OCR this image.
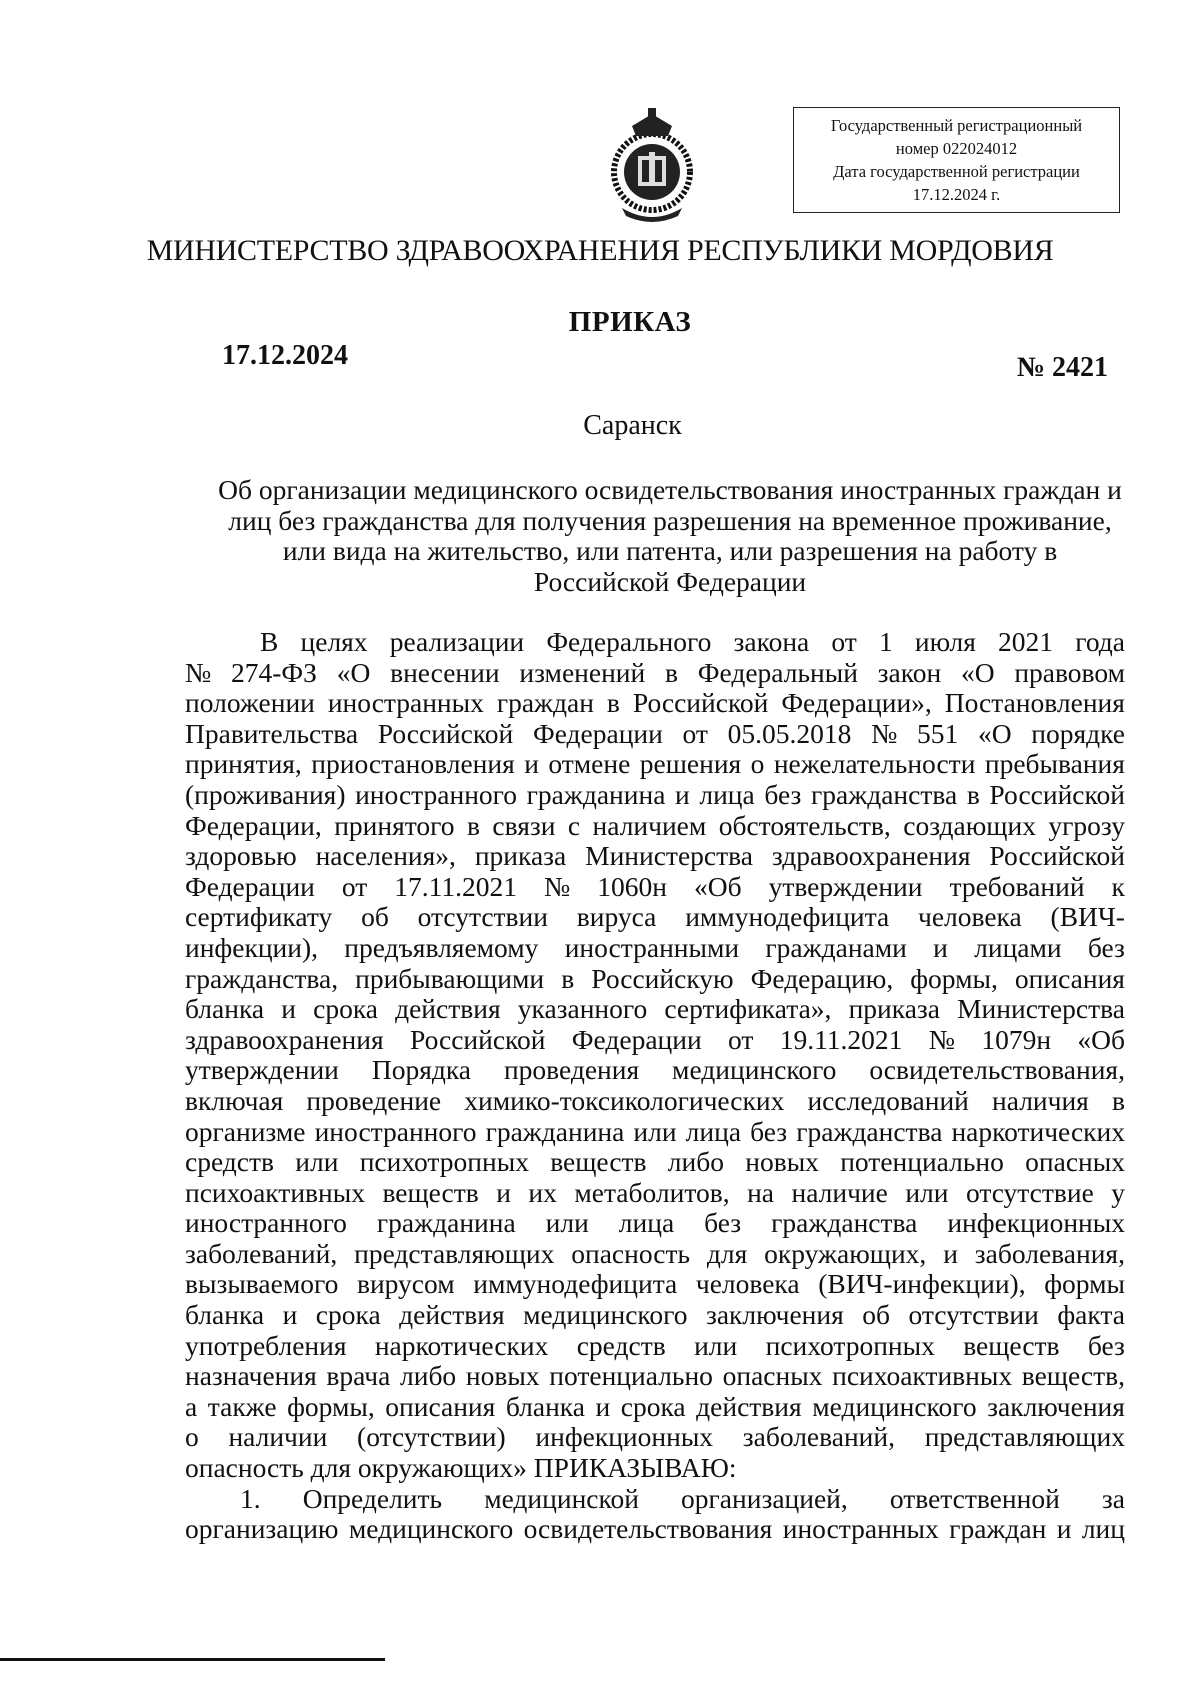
Государственный регистрационный
номер 022024012
Дата государственной регистрации
17.12.2024 г.
МИНИСТЕРСТВО ЗДРАВООХРАНЕНИЯ РЕСПУБЛИКИ МОРДОВИЯ
ПРИКАЗ
17.12.2024	№ 2421
Саранск
Об организации медицинского освидетельствования иностранных граждан и
лиц без гражданства для получения разрешения на временное проживание,
или вида на жительство, или патента, или разрешения на работу в
Российской Федерации
В целях реализации Федерального закона от 1 июля 2021 года
№ 274-ФЗ «О внесении изменений в Федеральный закон «О правовом
положении иностранных граждан в Российской Федерации», Постановления
Правительства Российской Федерации от 05.05.2018 № 551 «О порядке
принятия, приостановления и отмене решения о нежелательности пребывания
(проживания) иностранного гражданина и лица без гражданства в Российской
Федерации, принятого в связи с наличием обстоятельств, создающих угрозу
здоровью населения», приказа Министерства здравоохранения Российской
Федерации от 17.11.2021 № 1060н «Об утверждении требований к
сертификату об отсутствии вируса иммунодефицита человека (ВИЧ-
инфекции), предъявляемому иностранными гражданами и лицами без
гражданства, прибывающими в Российскую Федерацию, формы, описания
бланка и срока действия указанного сертификата», приказа Министерства
здравоохранения Российской Федерации от 19.11.2021 № 1079н «Об
утверждении Порядка проведения медицинского освидетельствования,
включая проведение химико-токсикологических исследований наличия в
организме иностранного гражданина или лица без гражданства наркотических
средств или психотропных веществ либо новых потенциально опасных
психоактивных веществ и их метаболитов, на наличие или отсутствие у
иностранного гражданина или лица без гражданства инфекционных
заболеваний, представляющих опасность для окружающих, и заболевания,
вызываемого вирусом иммунодефицита человека (ВИЧ-инфекции), формы
бланка и срока действия медицинского заключения об отсутствии факта
употребления наркотических средств или психотропных веществ без
назначения врача либо новых потенциально опасных психоактивных веществ,
а также формы, описания бланка и срока действия медицинского заключения
о наличии (отсутствии) инфекционных заболеваний, представляющих
опасность для окружающих» ПРИКАЗЫВАЮ:
1. Определить медицинской организацией, ответственной за
организацию медицинского освидетельствования иностранных граждан и лиц
